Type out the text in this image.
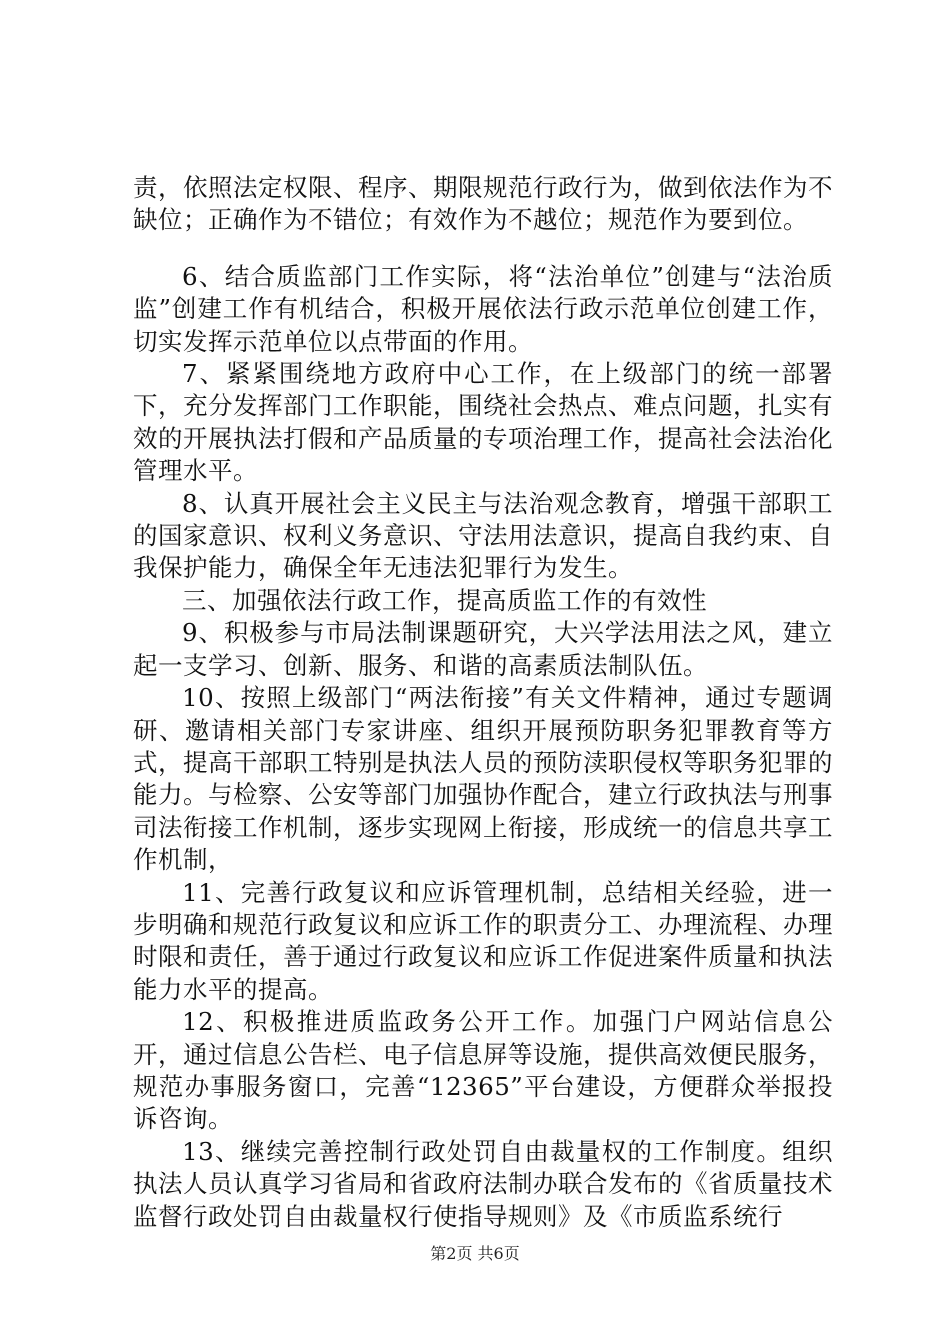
责，依照法定权限、程序、期限规范行政行为，做到依法作为不缺位；正确作为不错位；有效作为不越位；规范作为要到位。

6、结合质监部门工作实际，将“法治单位”创建与“法治质监”创建工作有机结合，积极开展依法行政示范单位创建工作，切实发挥示范单位以点带面的作用。

7、紧紧围绕地方政府中心工作，在上级部门的统一部署下，充分发挥部门工作职能，围绕社会热点、难点问题，扎实有效的开展执法打假和产品质量的专项治理工作，提高社会法治化管理水平。

8、认真开展社会主义民主与法治观念教育，增强干部职工的国家意识、权利义务意识、守法用法意识，提高自我约束、自我保护能力，确保全年无违法犯罪行为发生。

三、加强依法行政工作，提高质监工作的有效性

9、积极参与市局法制课题研究，大兴学法用法之风，建立起一支学习、创新、服务、和谐的高素质法制队伍。

10、按照上级部门“两法衔接”有关文件精神，通过专题调研、邀请相关部门专家讲座、组织开展预防职务犯罪教育等方式，提高干部职工特别是执法人员的预防渎职侵权等职务犯罪的能力。与检察、公安等部门加强协作配合，建立行政执法与刑事司法衔接工作机制，逐步实现网上衔接，形成统一的信息共享工作机制，

11、完善行政复议和应诉管理机制，总结相关经验，进一步明确和规范行政复议和应诉工作的职责分工、办理流程、办理时限和责任，善于通过行政复议和应诉工作促进案件质量和执法能力水平的提高。

12、积极推进质监政务公开工作。加强门户网站信息公开，通过信息公告栏、电子信息屏等设施，提供高效便民服务，规范办事服务窗口，完善“12365”平台建设，方便群众举报投诉咨询。

13、继续完善控制行政处罚自由裁量权的工作制度。组织执法人员认真学习省局和省政府法制办联合发布的《省质量技术监督行政处罚自由裁量权行使指导规则》及《市质监系统行

第2页 共6页
